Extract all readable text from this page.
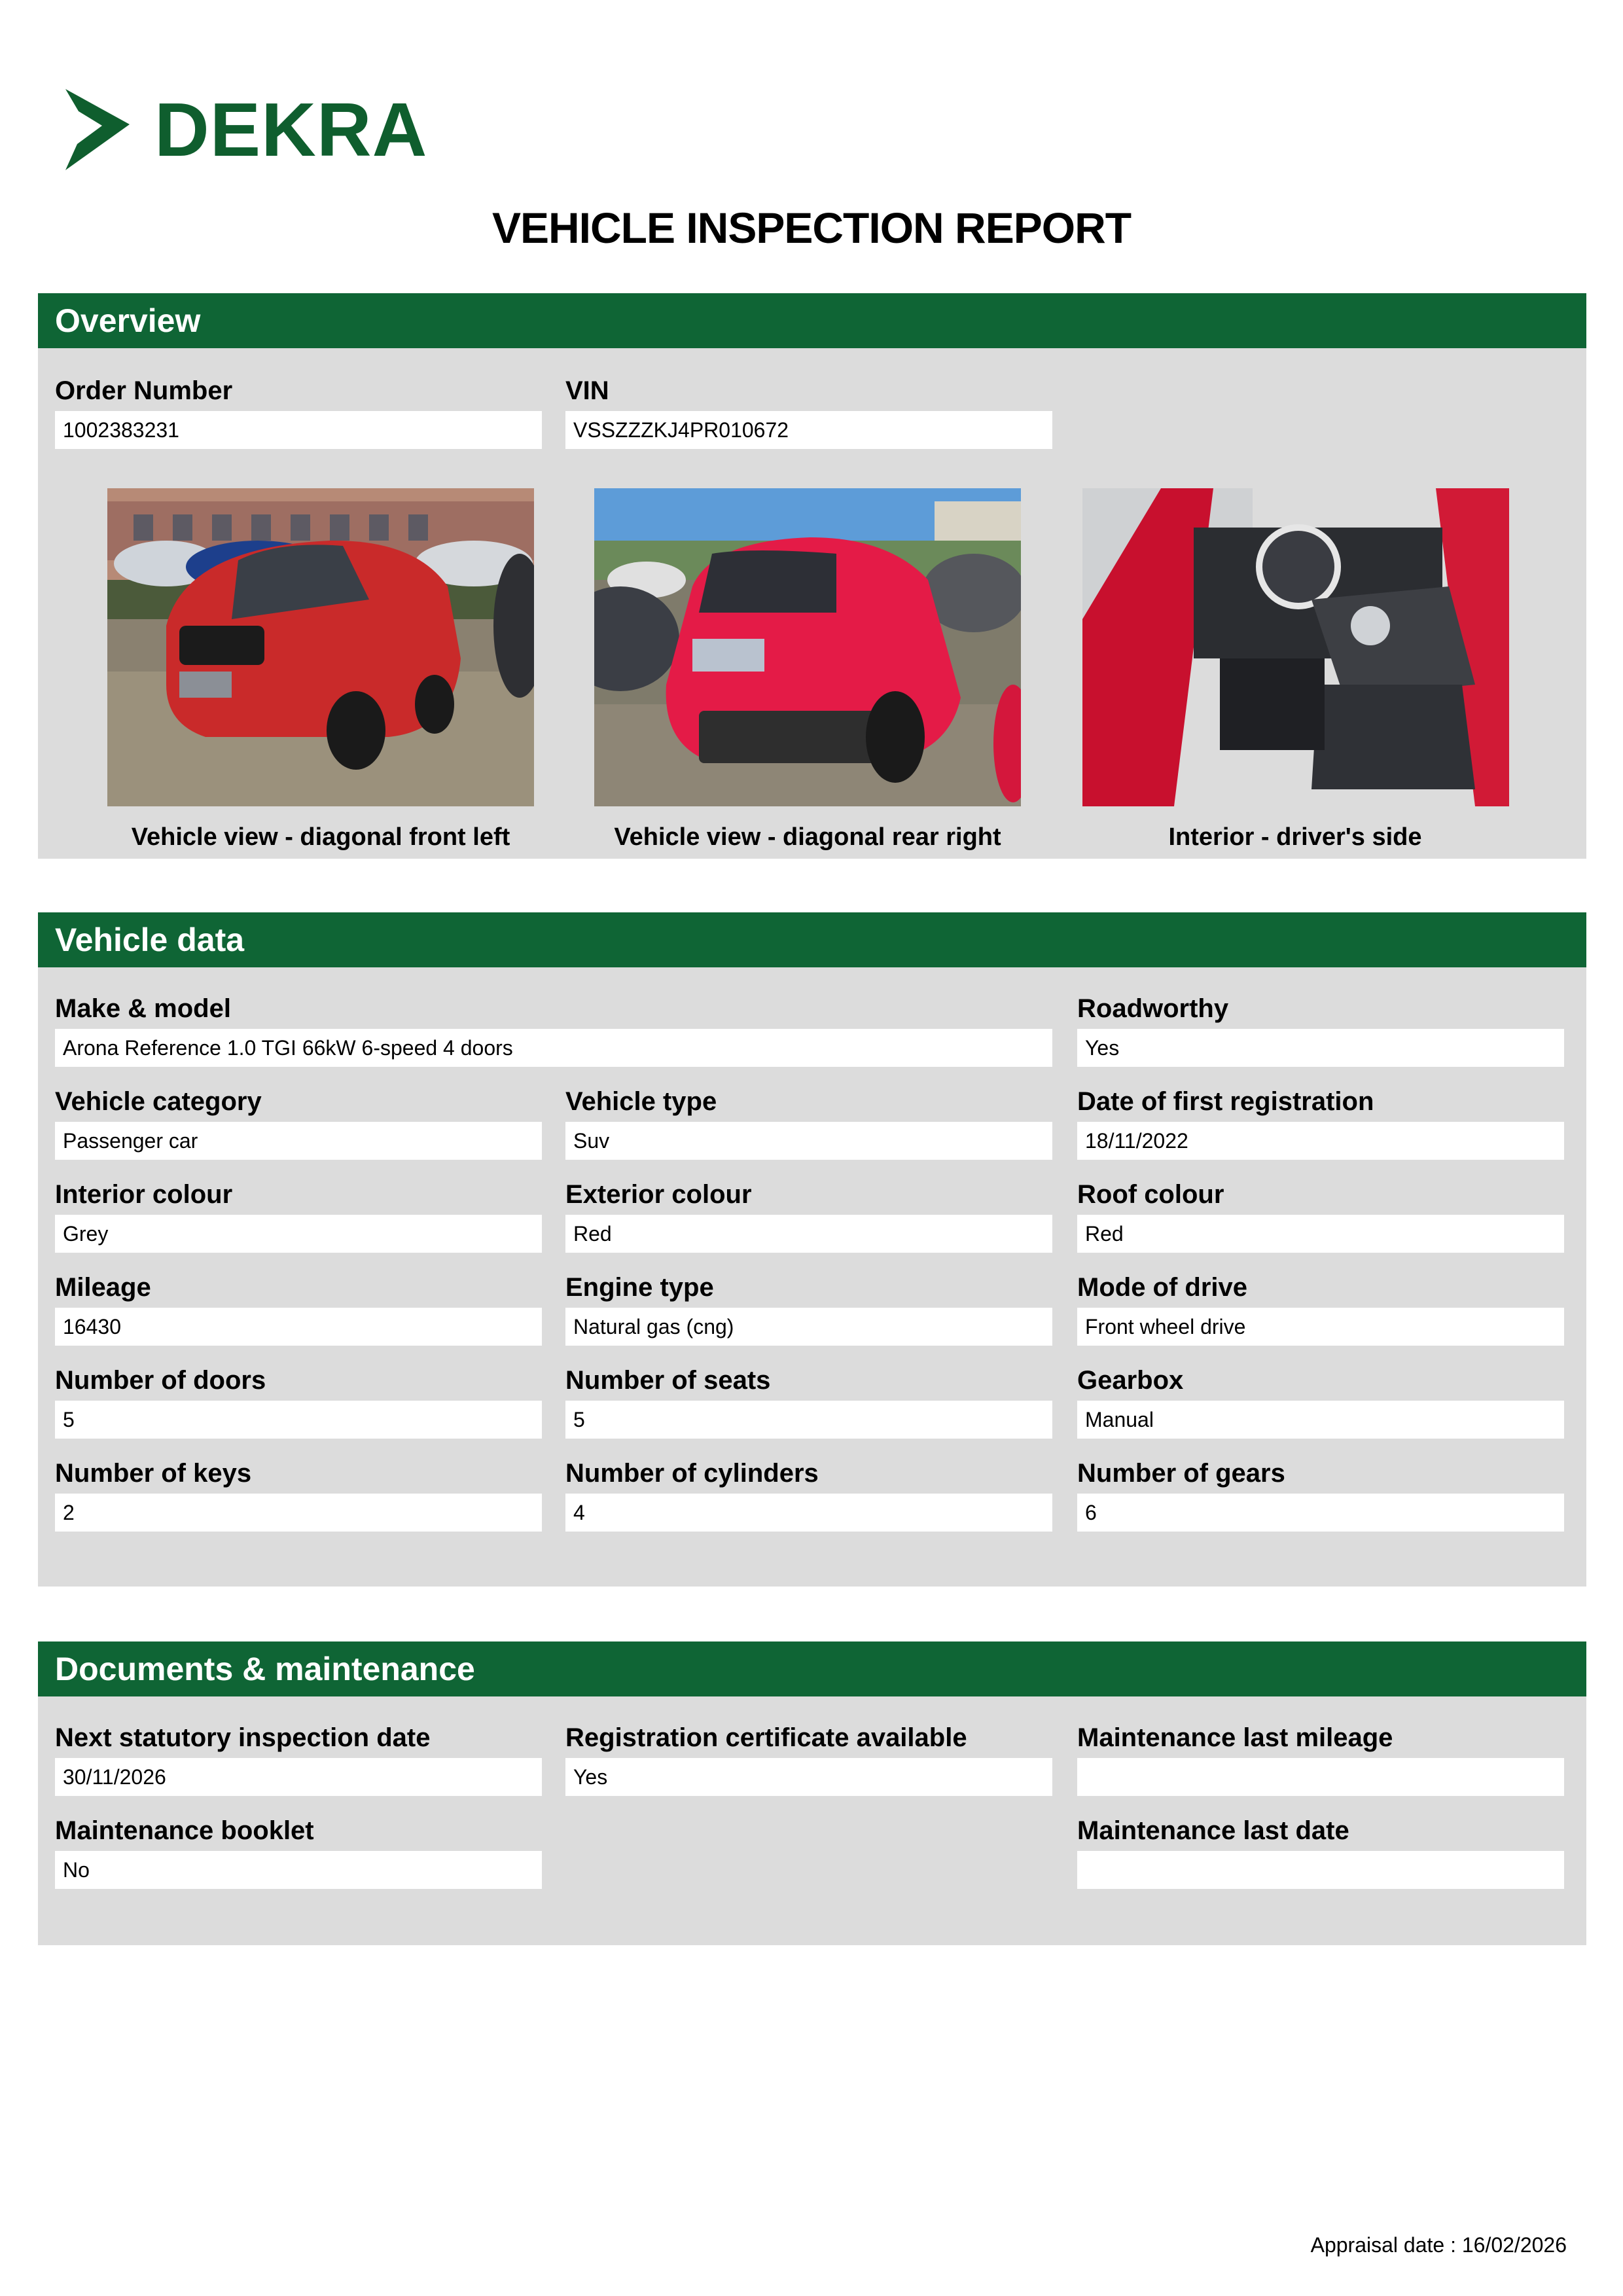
DEKRA
VEHICLE INSPECTION REPORT
Overview
Order Number
1002383231
VIN
VSSZZZKJ4PR010672
Vehicle view - diagonal front left	Vehicle view - diagonal rear right	Interior - driver's side
Vehicle data
Make & model
Arona Reference 1.0 TGI 66kW 6-speed 4 doors
Roadworthy
Yes
Vehicle category
Passenger car
Vehicle type
Suv
Date of first registration
18/11/2022
Interior colour
Grey
Exterior colour
Red
Roof colour
Red
Mileage
16430
Engine type
Natural gas (cng)
Mode of drive
Front wheel drive
Number of doors
5
Number of seats
5
Gearbox
Manual
Number of keys
2
Number of cylinders
4
Number of gears
6
Documents & maintenance
Next statutory inspection date
30/11/2026
Registration certificate available
Yes
Maintenance last mileage
Maintenance booklet
No
Maintenance last date
Appraisal date : 16/02/2026
